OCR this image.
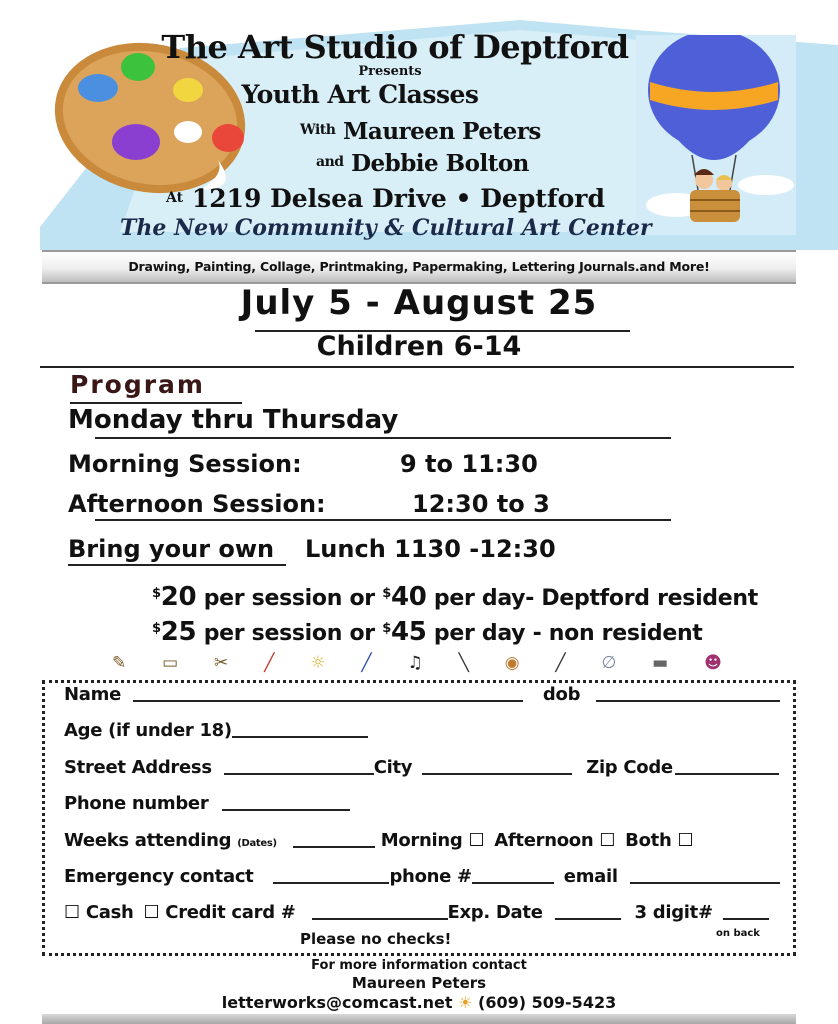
The Art Studio of Deptford
Presents
Youth Art Classes
$^{With}$ Maureen Peters
$^{and}$ Debbie Bolton
$^{At}$ 1219 Delsea Drive • Deptford
The New Community & Cultural Art Center
Drawing, Painting, Collage, Printmaking, Papermaking, Lettering Journals.and More!
July 5 - August 25
Children 6-14
Program
Monday thru Thursday
Morning Session:	9 to 11:30
Afternoon Session:	12:30 to 3
Bring your own Lunch 1130 -12:30
$20 per session or $40 per day- Deptford resident
$25 per session or $45 per day - non resident
✎ ▭ ✂ ╱ ☼ ╱ ♫ ╲ ◉ ╱ ∅ ▬ ☻
Name	dob
Age (if under 18)
Street Address	City	Zip Code
Phone number
Weeks attending (Dates)	Morning ☐ Afternoon ☐ Both ☐
Emergency contact	phone #	email
☐ Cash ☐ Credit card #	Exp. Date	3 digit#
Please no checks!	on back
For more information contact
Maureen Peters
letterworks@comcast.net ☀ (609) 509-5423
